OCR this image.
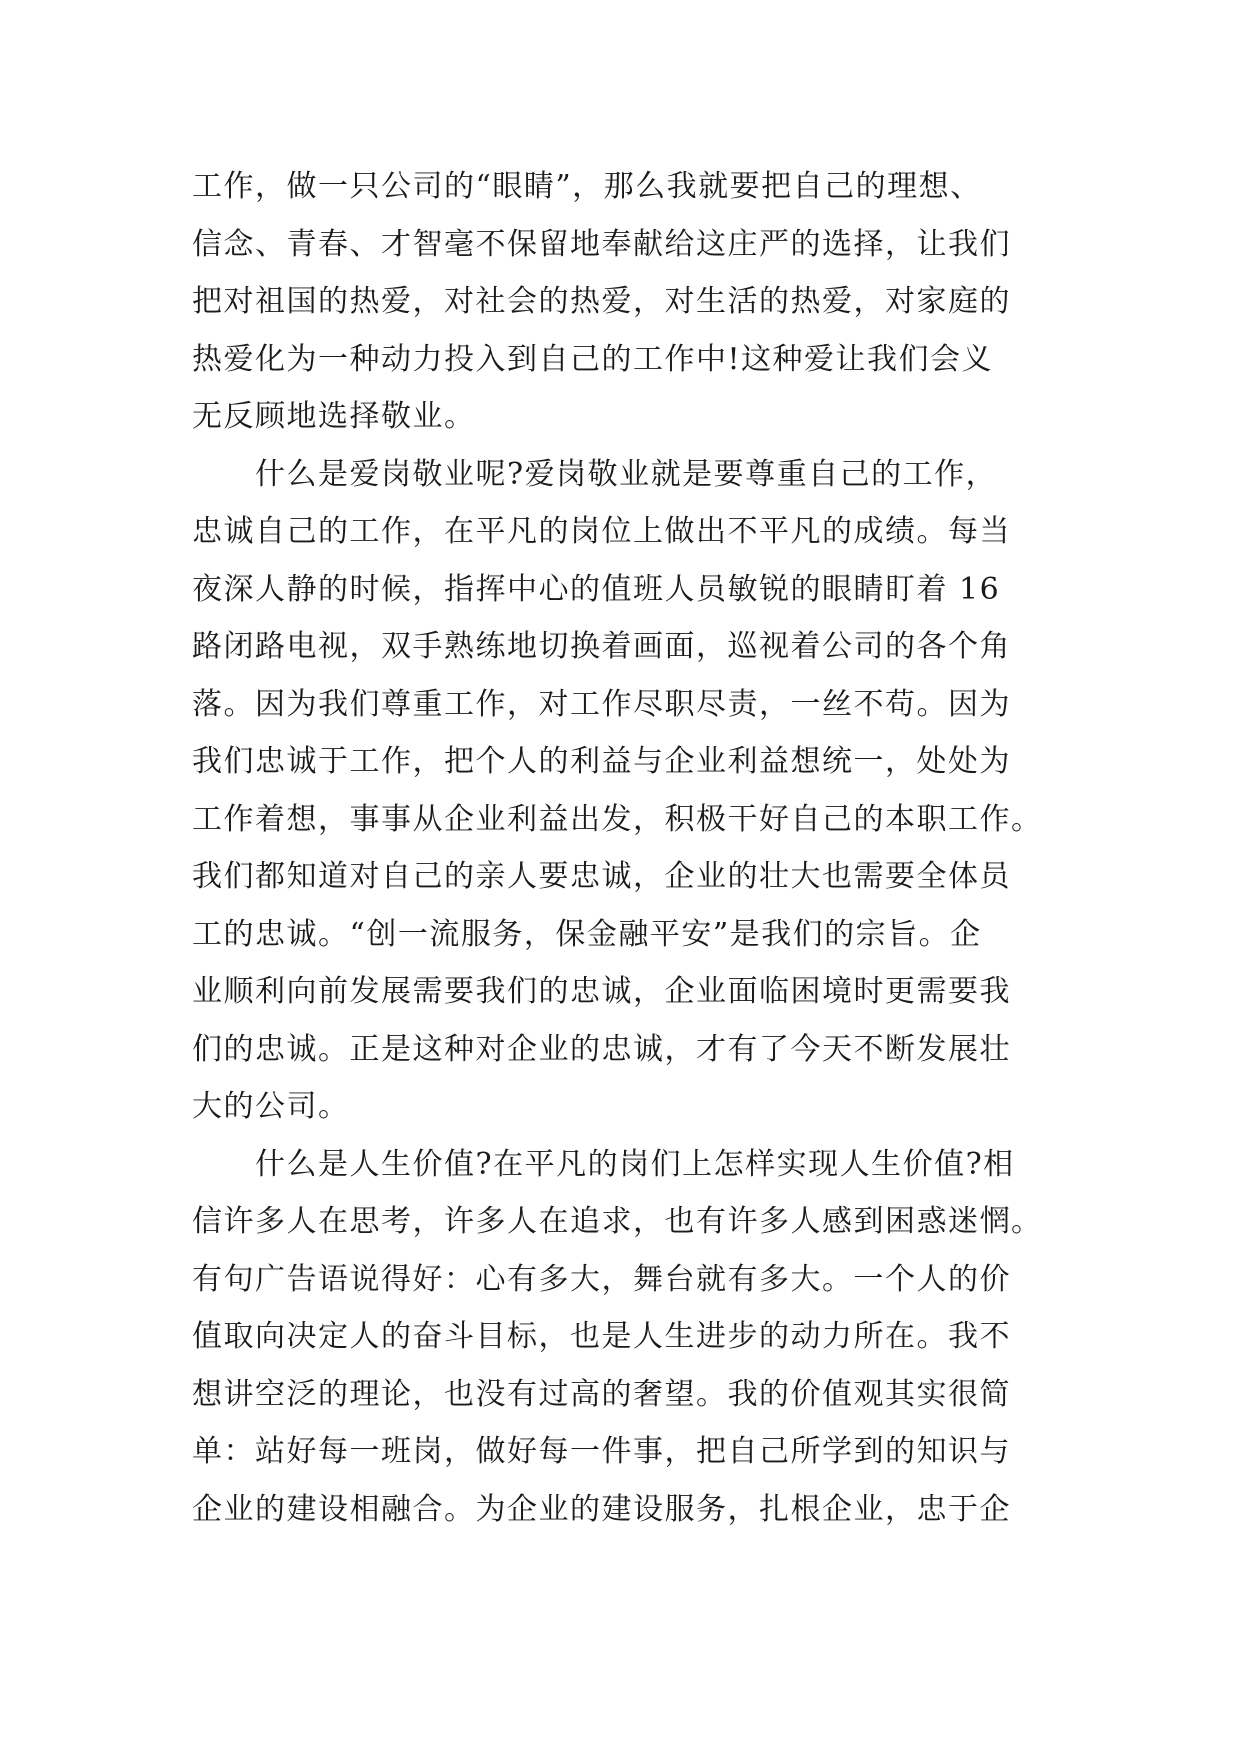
工作，做一只公司的“眼睛”，那么我就要把自己的理想、
信念、青春、才智毫不保留地奉献给这庄严的选择，让我们
把对祖国的热爱，对社会的热爱，对生活的热爱，对家庭的
热爱化为一种动力投入到自己的工作中!这种爱让我们会义
无反顾地选择敬业。
　　什么是爱岗敬业呢?爱岗敬业就是要尊重自己的工作，
忠诚自己的工作，在平凡的岗位上做出不平凡的成绩。每当
夜深人静的时候，指挥中心的值班人员敏锐的眼睛盯着 16
路闭路电视，双手熟练地切换着画面，巡视着公司的各个角
落。因为我们尊重工作，对工作尽职尽责，一丝不苟。因为
我们忠诚于工作，把个人的利益与企业利益想统一，处处为
工作着想，事事从企业利益出发，积极干好自己的本职工作。
我们都知道对自己的亲人要忠诚，企业的壮大也需要全体员
工的忠诚。“创一流服务，保金融平安”是我们的宗旨。企
业顺利向前发展需要我们的忠诚，企业面临困境时更需要我
们的忠诚。正是这种对企业的忠诚，才有了今天不断发展壮
大的公司。
　　什么是人生价值?在平凡的岗们上怎样实现人生价值?相
信许多人在思考，许多人在追求，也有许多人感到困惑迷惘。
有句广告语说得好：心有多大，舞台就有多大。一个人的价
值取向决定人的奋斗目标，也是人生进步的动力所在。我不
想讲空泛的理论，也没有过高的奢望。我的价值观其实很简
单：站好每一班岗，做好每一件事，把自己所学到的知识与
企业的建设相融合。为企业的建设服务，扎根企业，忠于企
